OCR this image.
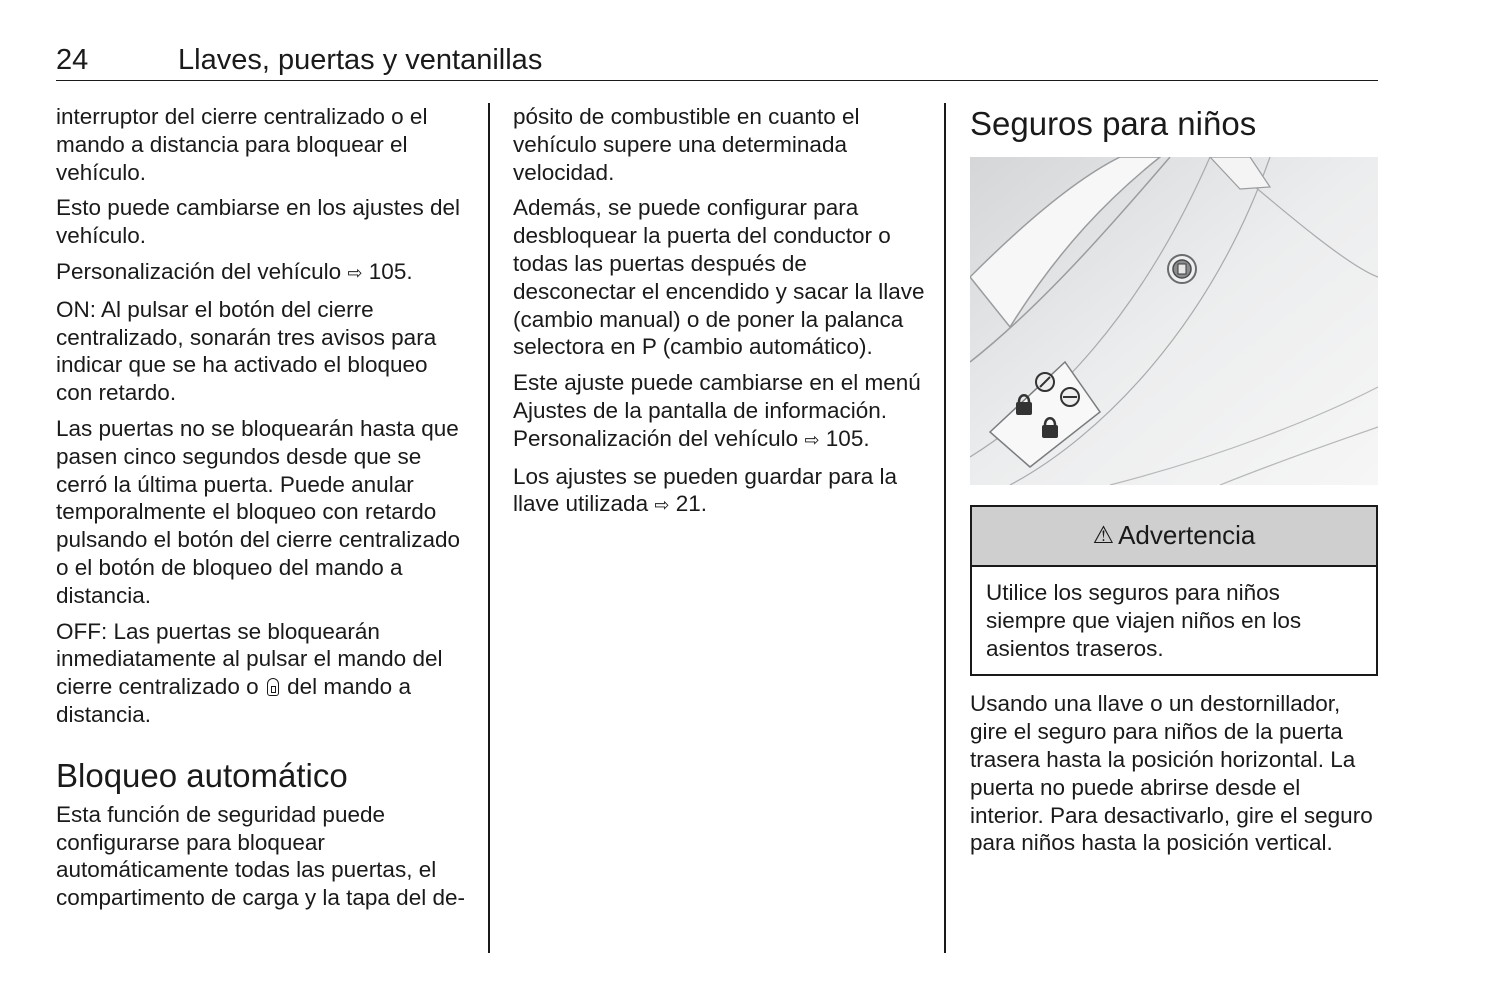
24	Llaves, puertas y ventanillas

interruptor del cierre centralizado o el mando a distancia para bloquear el vehículo.

Esto puede cambiarse en los ajustes del vehículo.

Personalización del vehículo ⇨ 105.

ON: Al pulsar el botón del cierre centralizado, sonarán tres avisos para indicar que se ha activado el bloqueo con retardo.

Las puertas no se bloquearán hasta que pasen cinco segundos desde que se cerró la última puerta. Puede anular temporalmente el bloqueo con retardo pulsando el botón del cierre centralizado o el botón de bloqueo del mando a distancia.

OFF: Las puertas se bloquearán inmediatamente al pulsar el mando del cierre centralizado o  del mando a distancia.

Bloqueo automático

Esta función de seguridad puede configurarse para bloquear automáticamente todas las puertas, el compartimento de carga y la tapa del de-

pósito de combustible en cuanto el vehículo supere una determinada velocidad.

Además, se puede configurar para desbloquear la puerta del conductor o todas las puertas después de desconectar el encendido y sacar la llave (cambio manual) o de poner la palanca selectora en P (cambio automático).

Este ajuste puede cambiarse en el menú Ajustes de la pantalla de información. Personalización del vehículo ⇨ 105.

Los ajustes se pueden guardar para la llave utilizada ⇨ 21.

Seguros para niños
⚠ Advertencia
Utilice los seguros para niños siempre que viajen niños en los asientos traseros.

Usando una llave o un destornillador, gire el seguro para niños de la puerta trasera hasta la posición horizontal. La puerta no puede abrirse desde el interior. Para desactivarlo, gire el seguro para niños hasta la posición vertical.
